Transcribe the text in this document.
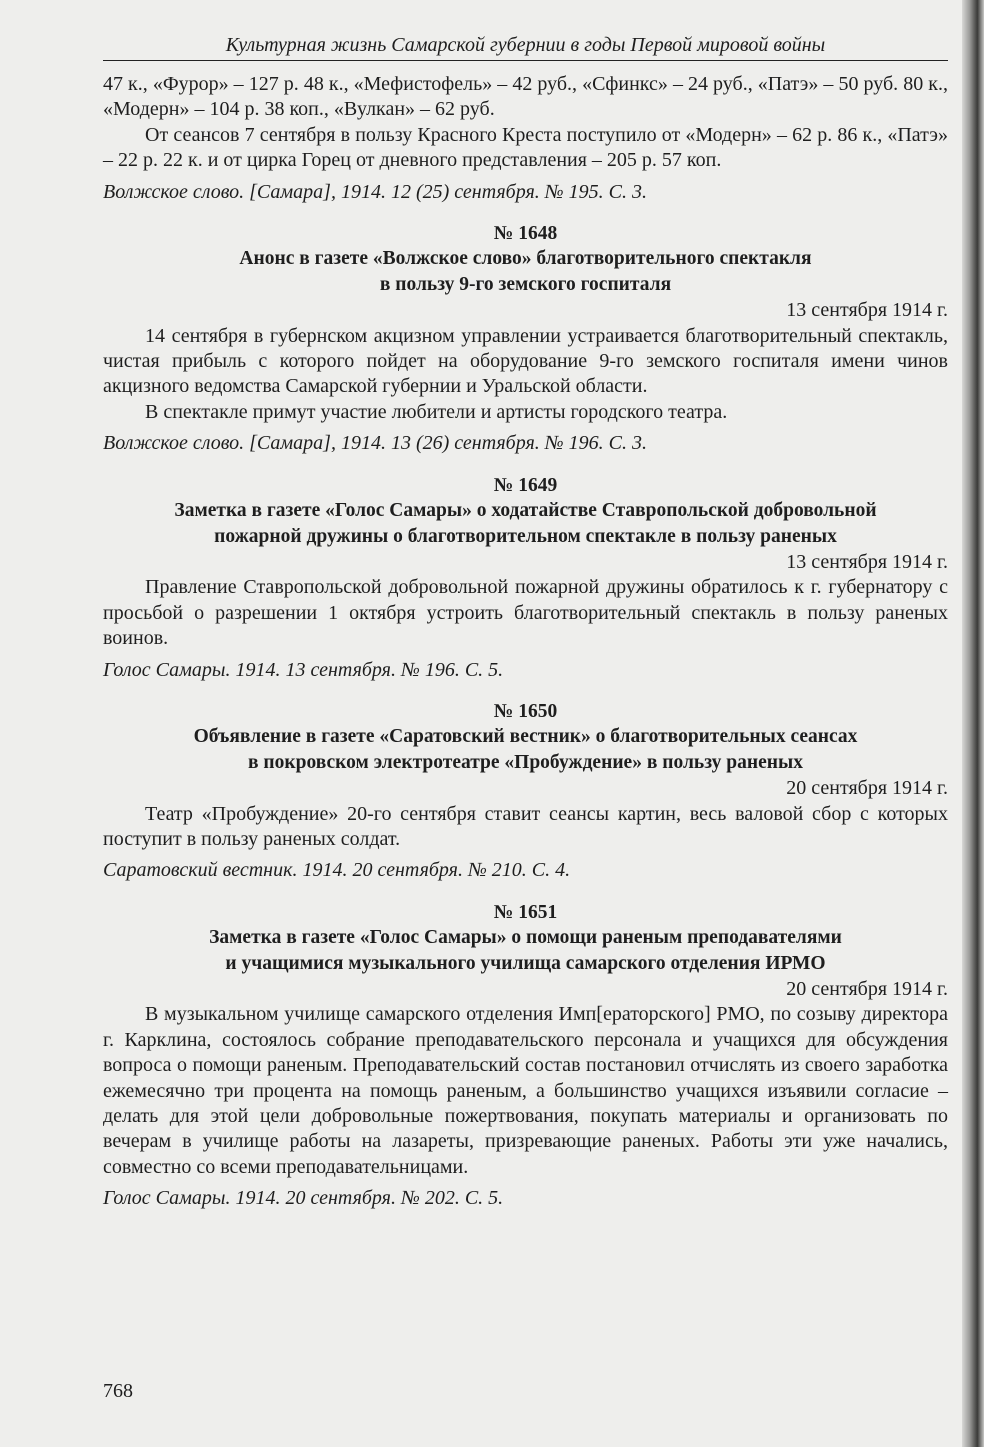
Культурная жизнь Самарской губернии в годы Первой мировой войны

47 к., «Фурор» – 127 р. 48 к., «Мефистофель» – 42 руб., «Сфинкс» – 24 руб., «Патэ» – 50 руб. 80 к., «Модерн» – 104 р. 38 коп., «Вулкан» – 62 руб.

От сеансов 7 сентября в пользу Красного Креста поступило от «Модерн» – 62 р. 86 к., «Патэ» – 22 р. 22 к. и от цирка Горец от дневного представления – 205 р. 57 коп.

Волжское слово. [Самара], 1914. 12 (25) сентября. № 195. С. 3.

№ 1648
Анонс в газете «Волжское слово» благотворительного спектакля
в пользу 9-го земского госпиталя
13 сентября 1914 г.

14 сентября в губернском акцизном управлении устраивается благотворительный спектакль, чистая прибыль с которого пойдет на оборудование 9-го земского госпиталя имени чинов акцизного ведомства Самарской губернии и Уральской области.

В спектакле примут участие любители и артисты городского театра.

Волжское слово. [Самара], 1914. 13 (26) сентября. № 196. С. 3.

№ 1649
Заметка в газете «Голос Самары» о ходатайстве Ставропольской добровольной
пожарной дружины о благотворительном спектакле в пользу раненых
13 сентября 1914 г.

Правление Ставропольской добровольной пожарной дружины обратилось к г. губернатору с просьбой о разрешении 1 октября устроить благотворительный спектакль в пользу раненых воинов.

Голос Самары. 1914. 13 сентября. № 196. С. 5.

№ 1650
Объявление в газете «Саратовский вестник» о благотворительных сеансах
в покровском электротеатре «Пробуждение» в пользу раненых
20 сентября 1914 г.

Театр «Пробуждение» 20-го сентября ставит сеансы картин, весь валовой сбор с которых поступит в пользу раненых солдат.

Саратовский вестник. 1914. 20 сентября. № 210. С. 4.

№ 1651
Заметка в газете «Голос Самары» о помощи раненым преподавателями
и учащимися музыкального училища самарского отделения ИРМО
20 сентября 1914 г.

В музыкальном училище самарского отделения Имп[ераторского] РМО, по созыву директора г. Карклина, состоялось собрание преподавательского персонала и учащихся для обсуждения вопроса о помощи раненым. Преподавательский состав постановил отчислять из своего заработка ежемесячно три процента на помощь раненым, а большинство учащихся изъявили согласие – делать для этой цели добровольные пожертвования, покупать материалы и организовать по вечерам в училище работы на лазареты, призревающие раненых. Работы эти уже начались, совместно со всеми преподавательницами.

Голос Самары. 1914. 20 сентября. № 202. С. 5.

768
